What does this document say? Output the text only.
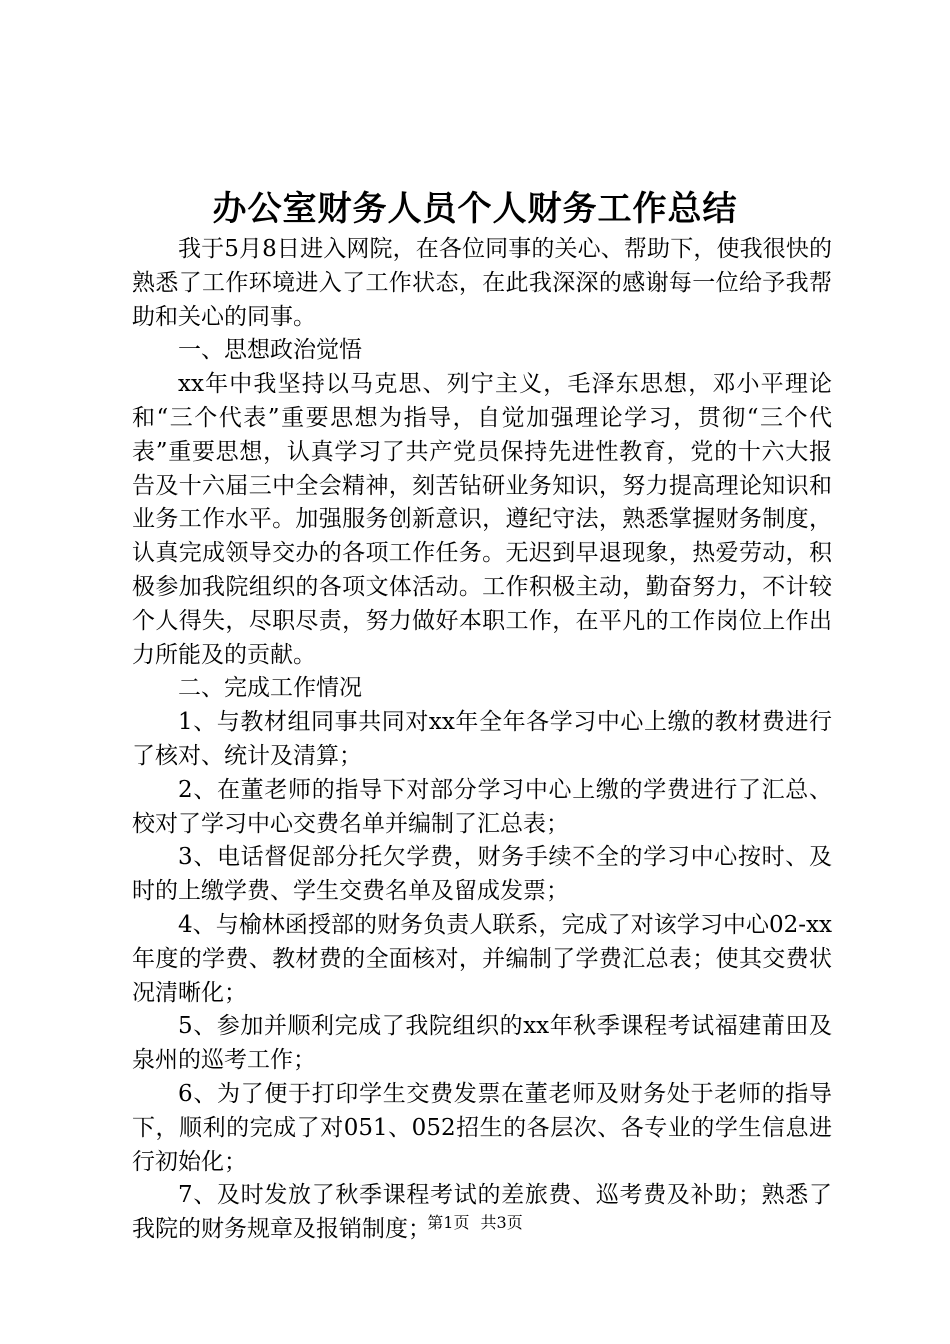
办公室财务人员个人财务工作总结

我于5月8日进入网院，在各位同事的关心、帮助下，使我很快的熟悉了工作环境进入了工作状态，在此我深深的感谢每一位给予我帮助和关心的同事。

一、思想政治觉悟

xx年中我坚持以马克思、列宁主义，毛泽东思想，邓小平理论和“三个代表”重要思想为指导，自觉加强理论学习，贯彻“三个代表”重要思想，认真学习了共产党员保持先进性教育，党的十六大报告及十六届三中全会精神，刻苦钻研业务知识，努力提高理论知识和业务工作水平。加强服务创新意识，遵纪守法，熟悉掌握财务制度，认真完成领导交办的各项工作任务。无迟到早退现象，热爱劳动，积极参加我院组织的各项文体活动。工作积极主动，勤奋努力，不计较个人得失，尽职尽责，努力做好本职工作，在平凡的工作岗位上作出力所能及的贡献。

二、完成工作情况

1、与教材组同事共同对xx年全年各学习中心上缴的教材费进行了核对、统计及清算；

2、在董老师的指导下对部分学习中心上缴的学费进行了汇总、校对了学习中心交费名单并编制了汇总表；

3、电话督促部分托欠学费，财务手续不全的学习中心按时、及时的上缴学费、学生交费名单及留成发票；

4、与榆林函授部的财务负责人联系，完成了对该学习中心02-xx年度的学费、教材费的全面核对，并编制了学费汇总表；使其交费状况清晰化；

5、参加并顺利完成了我院组织的xx年秋季课程考试福建莆田及泉州的巡考工作；

6、为了便于打印学生交费发票在董老师及财务处于老师的指导下，顺利的完成了对051、052招生的各层次、各专业的学生信息进行初始化；

7、及时发放了秋季课程考试的差旅费、巡考费及补助；熟悉了我院的财务规章及报销制度；

第1页 共3页
